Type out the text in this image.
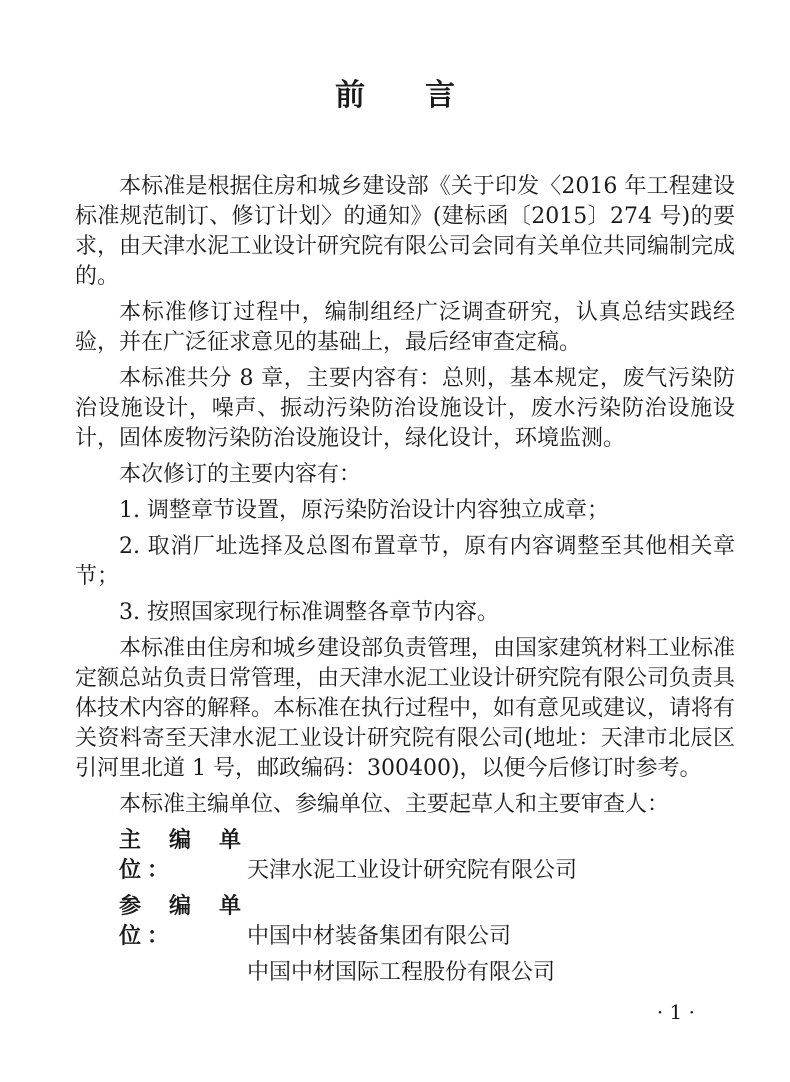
前 言

本标准是根据住房和城乡建设部《关于印发〈2016 年工程建设标准规范制订、修订计划〉的通知》(建标函〔2015〕274 号)的要求，由天津水泥工业设计研究院有限公司会同有关单位共同编制完成的。

本标准修订过程中，编制组经广泛调查研究，认真总结实践经验，并在广泛征求意见的基础上，最后经审查定稿。

本标准共分 8 章，主要内容有：总则，基本规定，废气污染防治设施设计，噪声、振动污染防治设施设计，废水污染防治设施设计，固体废物污染防治设施设计，绿化设计，环境监测。

本次修订的主要内容有：

1. 调整章节设置，原污染防治设计内容独立成章；

2. 取消厂址选择及总图布置章节，原有内容调整至其他相关章节；

3. 按照国家现行标准调整各章节内容。

本标准由住房和城乡建设部负责管理，由国家建筑材料工业标准定额总站负责日常管理，由天津水泥工业设计研究院有限公司负责具体技术内容的解释。本标准在执行过程中，如有意见或建议，请将有关资料寄至天津水泥工业设计研究院有限公司(地址：天津市北辰区引河里北道 1 号，邮政编码：300400)，以便今后修订时参考。

本标准主编单位、参编单位、主要起草人和主要审查人：

主 编 单 位：	天津水泥工业设计研究院有限公司
参 编 单 位：	中国中材装备集团有限公司
中国中材国际工程股份有限公司
· 1 ·
